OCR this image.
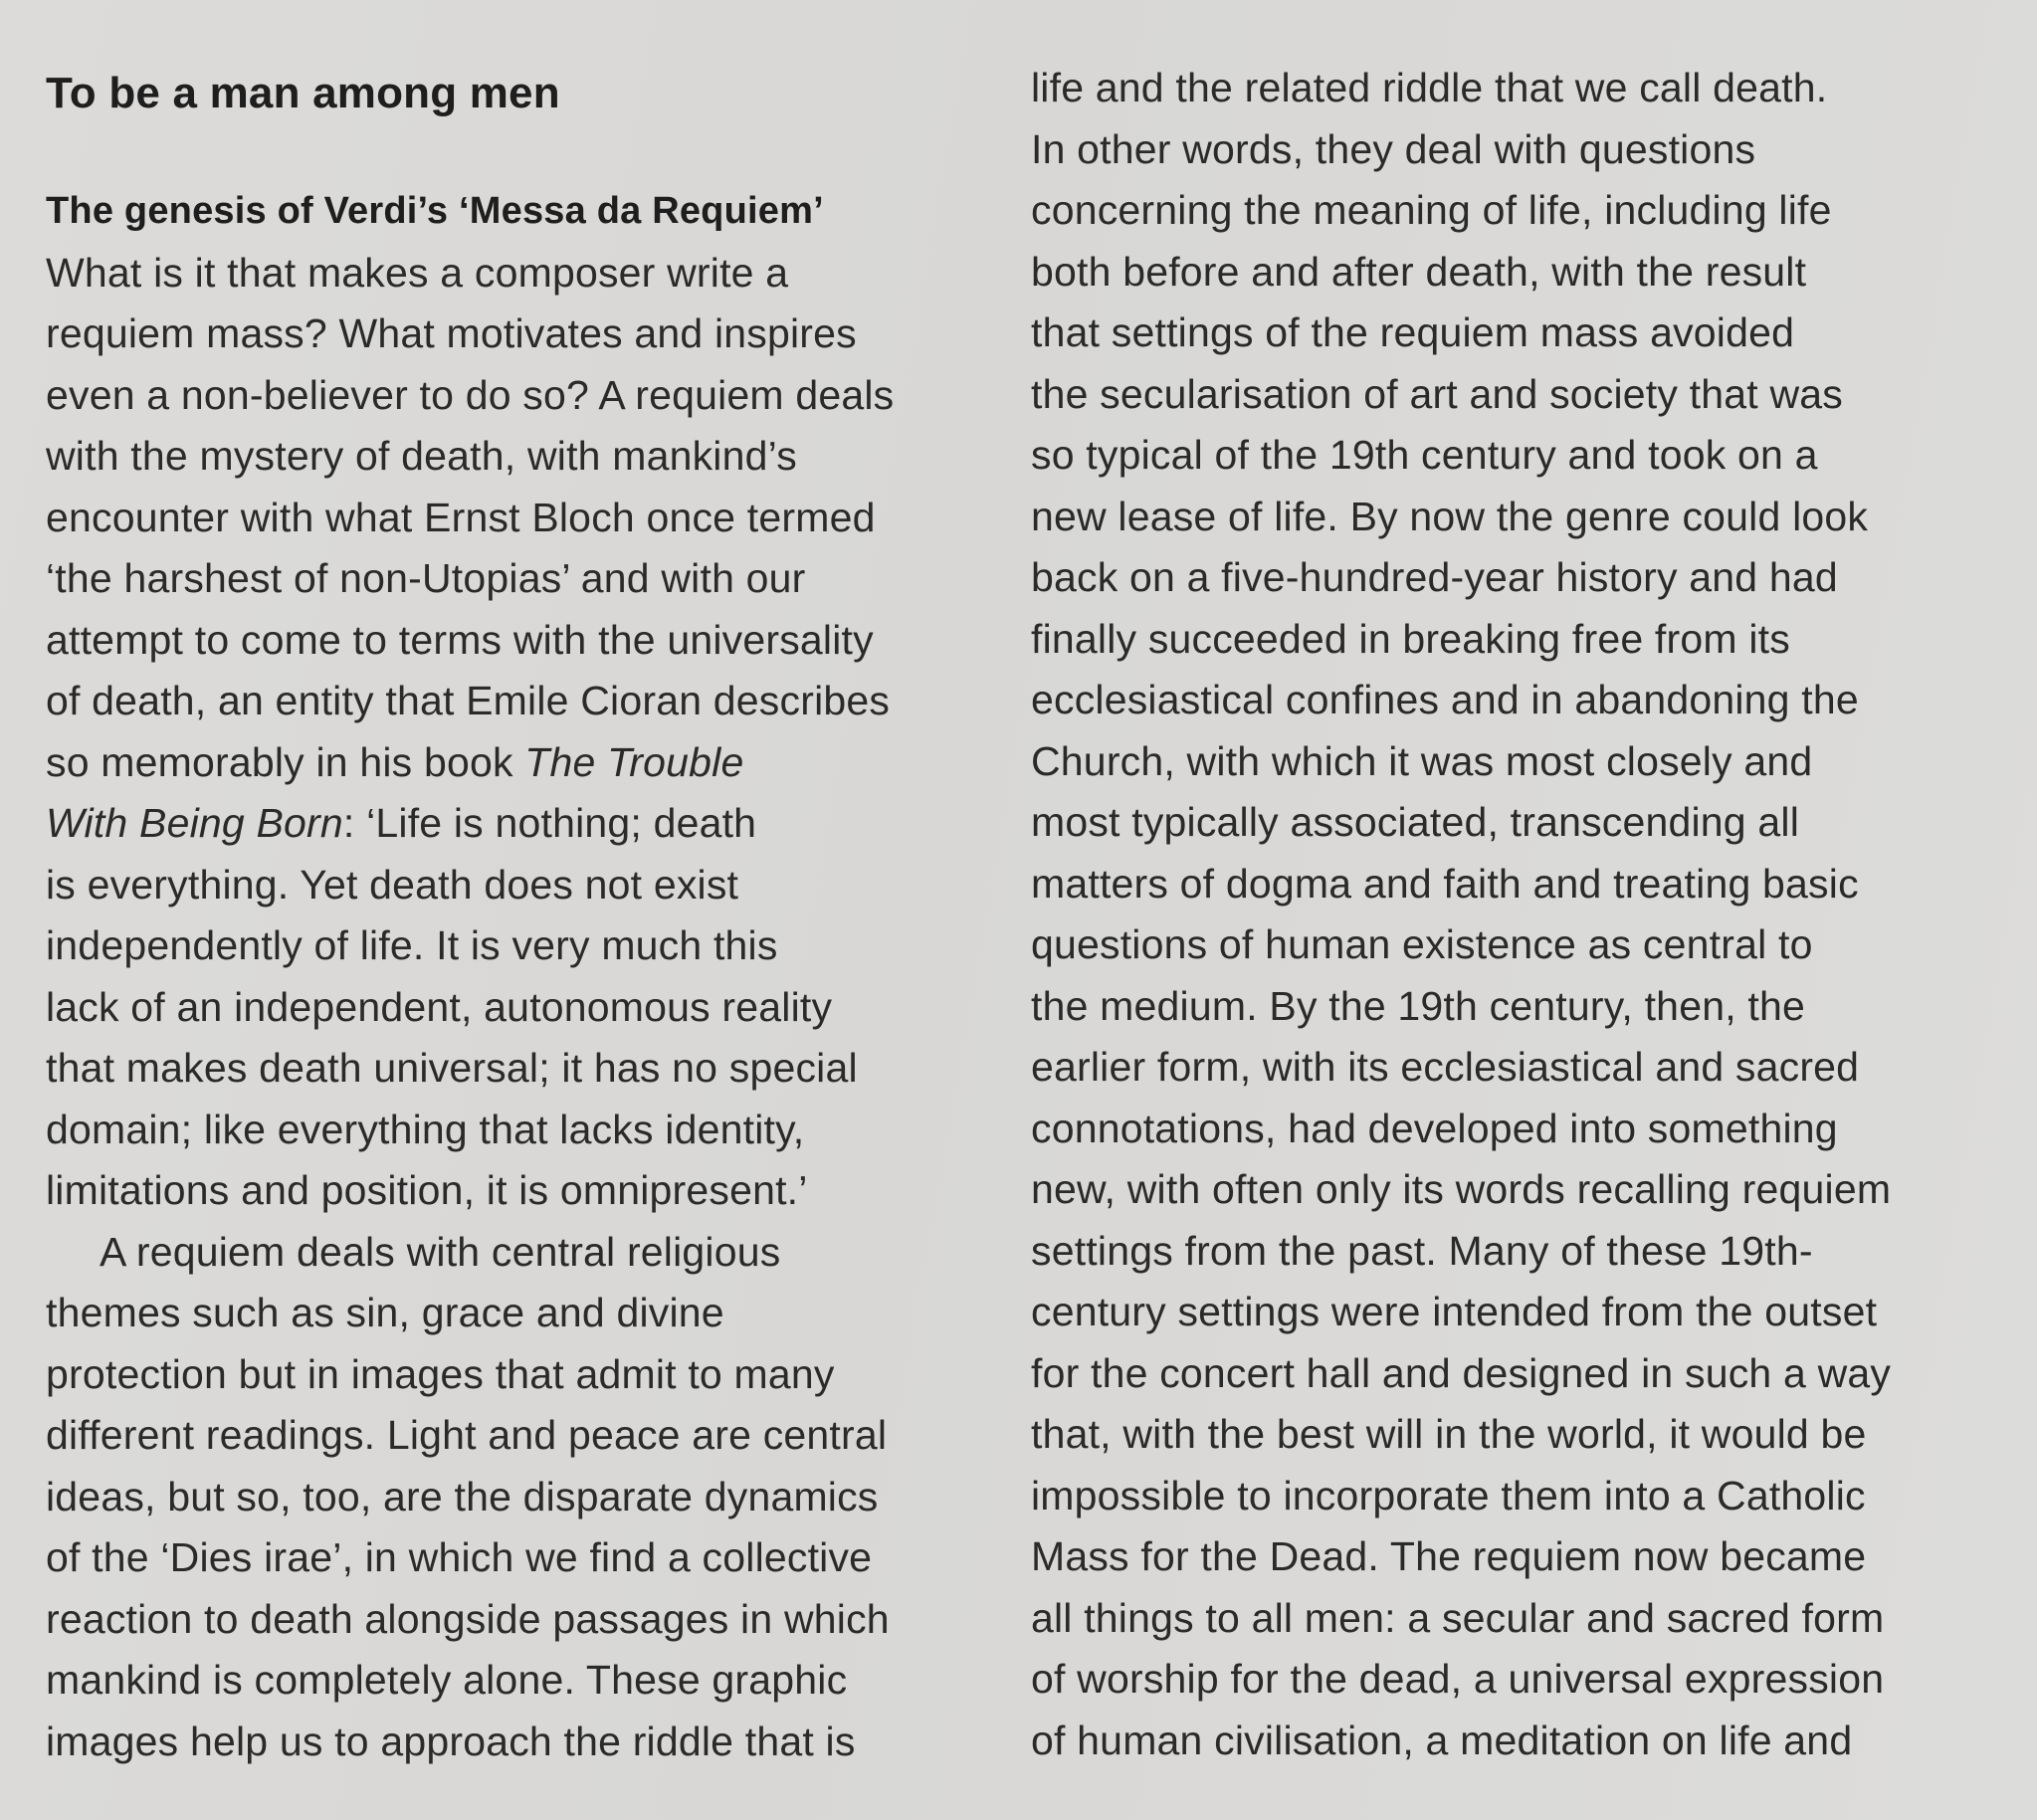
To be a man among men
The genesis of Verdi’s ‘Messa da Requiem’
What is it that makes a composer write a
requiem mass? What motivates and inspires
even a non-believer to do so? A requiem deals
with the mystery of death, with mankind’s
encounter with what Ernst Bloch once termed
‘the harshest of non-Utopias’ and with our
attempt to come to terms with the universality
of death, an entity that Emile Cioran describes
so memorably in his book The Trouble
With Being Born: ‘Life is nothing; death
is everything. Yet death does not exist
independently of life. It is very much this
lack of an independent, autonomous reality
that makes death universal; it has no special
domain; like everything that lacks identity,
limitations and position, it is omnipresent.’
A requiem deals with central religious
themes such as sin, grace and divine
protection but in images that admit to many
different readings. Light and peace are central
ideas, but so, too, are the disparate dynamics
of the ‘Dies irae’, in which we find a collective
reaction to death alongside passages in which
mankind is completely alone. These graphic
images help us to approach the riddle that is
life and the related riddle that we call death.
In other words, they deal with questions
concerning the meaning of life, including life
both before and after death, with the result
that settings of the requiem mass avoided
the secularisation of art and society that was
so typical of the 19th century and took on a
new lease of life. By now the genre could look
back on a five-hundred-year history and had
finally succeeded in breaking free from its
ecclesiastical confines and in abandoning the
Church, with which it was most closely and
most typically associated, transcending all
matters of dogma and faith and treating basic
questions of human existence as central to
the medium. By the 19th century, then, the
earlier form, with its ecclesiastical and sacred
connotations, had developed into something
new, with often only its words recalling requiem
settings from the past. Many of these 19th-
century settings were intended from the outset
for the concert hall and designed in such a way
that, with the best will in the world, it would be
impossible to incorporate them into a Catholic
Mass for the Dead. The requiem now became
all things to all men: a secular and sacred form
of worship for the dead, a universal expression
of human civilisation, a meditation on life and
